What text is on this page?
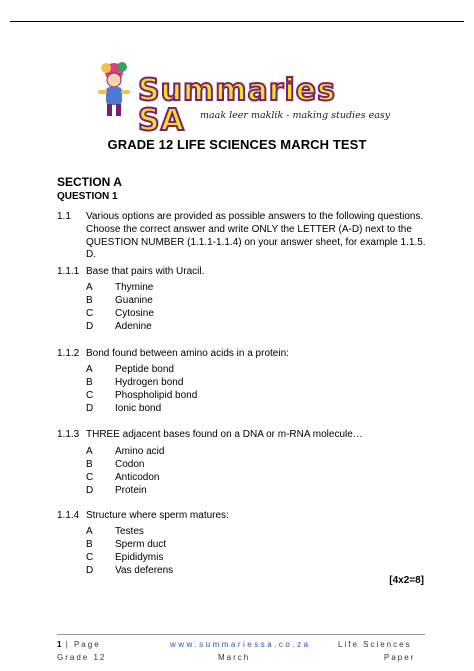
Summaries SA	maak leer maklik - making studies easy
GRADE 12 LIFE SCIENCES MARCH TEST
SECTION A
QUESTION 1
1.1 Various options are provided as possible answers to the following questions.
Choose the correct answer and write ONLY the LETTER (A-D) next to the
QUESTION NUMBER (1.1.1-1.1.4) on your answer sheet, for example 1.1.5. D.
1.1.1 Base that pairs with Uracil.
A Thymine
B Guanine
C Cytosine
D Adenine
1.1.2 Bond found between amino acids in a protein:
A Peptide bond
B Hydrogen bond
C Phospholipid bond
D Ionic bond
1.1.3 THREE adjacent bases found on a DNA or m-RNA molecule…
A Amino acid
B Codon
C Anticodon
D Protein
1.1.4 Structure where sperm matures:
A Testes
B Sperm duct
C Epididymis
D Vas deferens
[4x2=8]
1 | Page	www.summariessa.co.za	Life Sciences
Grade 12	March	Paper
